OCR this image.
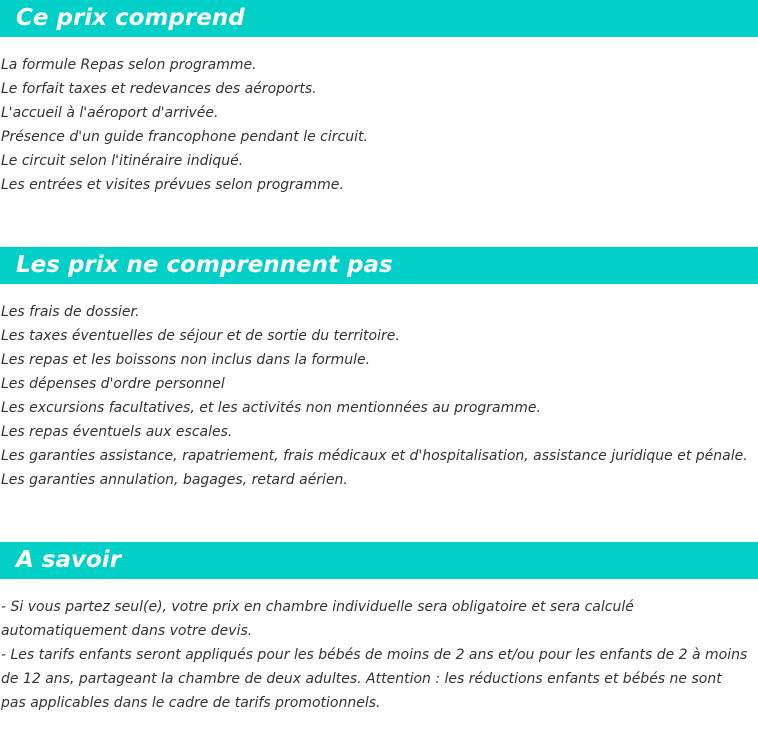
Ce prix comprend
La formule Repas selon programme.
Le forfait taxes et redevances des aéroports.
L'accueil à l'aéroport d'arrivée.
Présence d'un guide francophone pendant le circuit.
Le circuit selon l'itinéraire indiqué.
Les entrées et visites prévues selon programme.
Les prix ne comprennent pas
Les frais de dossier.
Les taxes éventuelles de séjour et de sortie du territoire.
Les repas et les boissons non inclus dans la formule.
Les dépenses d'ordre personnel
Les excursions facultatives, et les activités non mentionnées au programme.
Les repas éventuels aux escales.
Les garanties assistance, rapatriement, frais médicaux et d'hospitalisation, assistance juridique et pénale.
Les garanties annulation, bagages, retard aérien.
A savoir

- Si vous partez seul(e), votre prix en chambre individuelle sera obligatoire et sera calculé automatiquement dans votre devis.

- Les tarifs enfants seront appliqués pour les bébés de moins de 2 ans et/ou pour les enfants de 2 à moins de 12 ans, partageant la chambre de deux adultes. Attention : les réductions enfants et bébés ne sont pas applicables dans le cadre de tarifs promotionnels.
